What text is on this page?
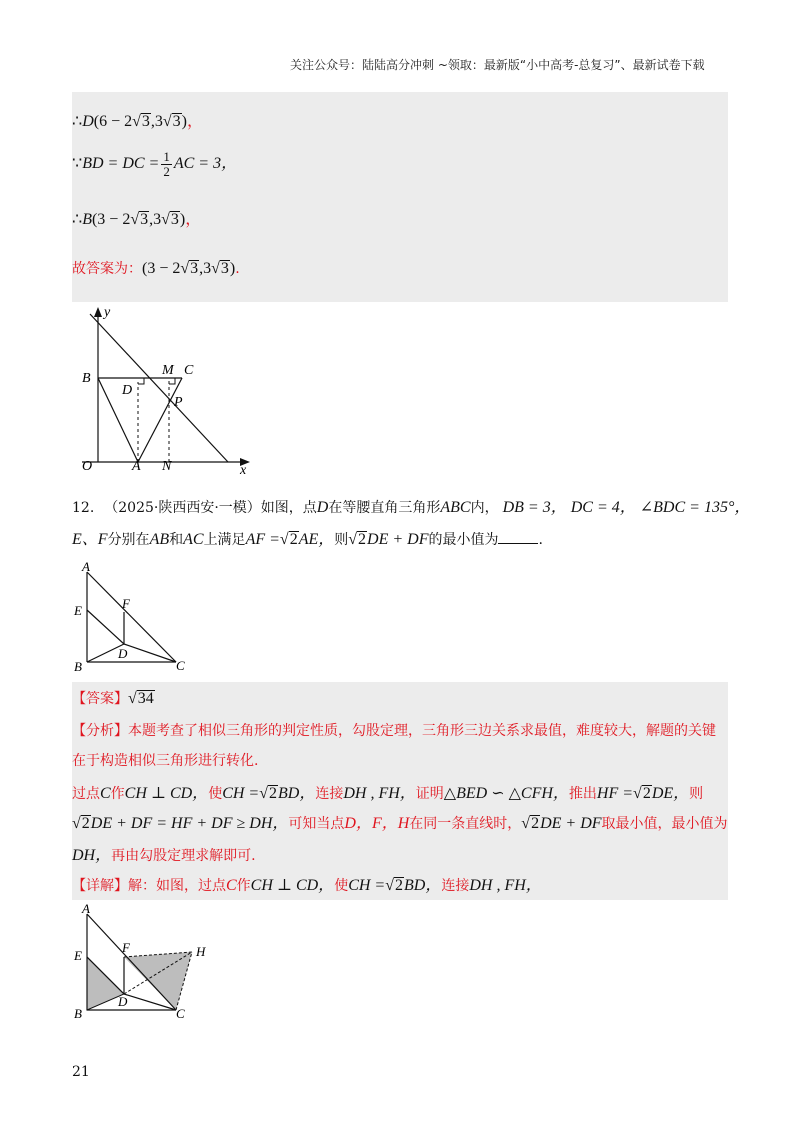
关注公众号：陆陆高分冲刺 ~领取：最新版“小中高考-总复习”、最新试卷下载
∴D(6 − 2√3,3√3)，
∵BD = DC = $\frac{1}{2}$ AC = 3，
∴B(3 − 2√3,3√3)，
故答案为：(3 − 2√3,3√3).
y
x
O	A N
B
D
M C
P
12. （2025·陕西西安·一模）如图，点D在等腰直角三角形ABC内， DB = 3， DC = 4， ∠BDC = 135°，
E、F分别在AB和AC上满足AF =√2AE，则√2DE + DF的最小值为	.
A
E	F
D
B	C
【答案】√34
【分析】本题考查了相似三角形的判定性质，勾股定理，三角形三边关系求最值，难度较大，解题的关键
在于构造相似三角形进行转化.
过点C作CH ⊥ CD，使CH =√2BD，连接DH , FH，证明△BED ∽ △CFH，推出HF =√2DE，则
√2DE + DF = HF + DF ≥ DH，可知当点D，F，H在同一条直线时，√2DE + DF取最小值，最小值为
DH，再由勾股定理求解即可.
【详解】解：如图，过点C作CH ⊥ CD，使CH =√2BD，连接DH , FH，
A
E
F	H
D
B	C
21
